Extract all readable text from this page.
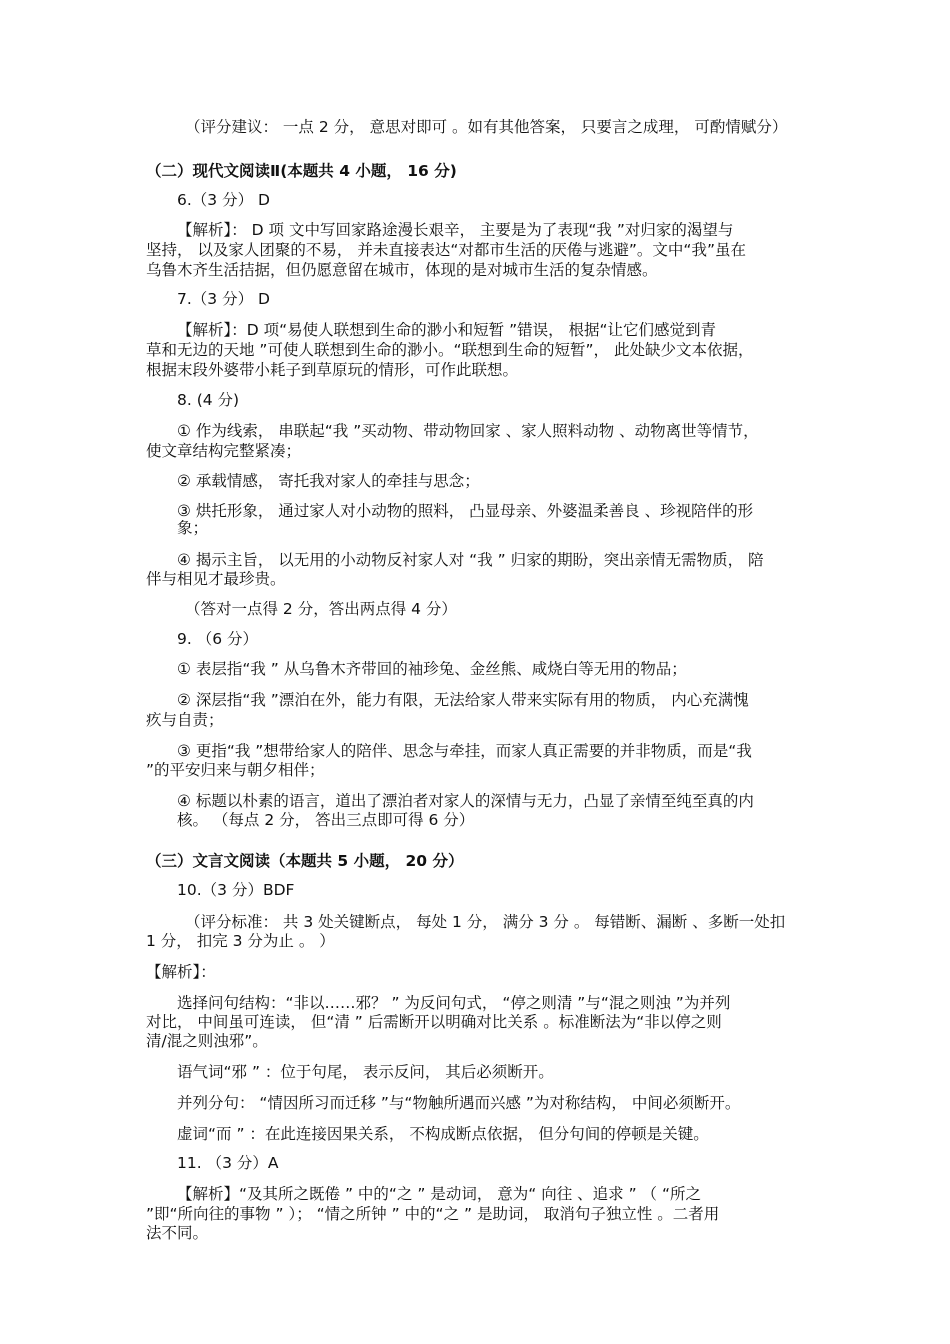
（评分建议： 一点 2 分， 意思对即可 。如有其他答案， 只要言之成理， 可酌情赋分）
（二）现代文阅读Ⅱ(本题共 4 小题， 16 分)
6.（3 分） D
【解析】： D 项 文中写回家路途漫长艰辛， 主要是为了表现“我 ”对归家的渴望与
坚持， 以及家人团聚的不易， 并未直接表达“对都市生活的厌倦与逃避”。文中“我”虽在
乌鲁木齐生活拮据，但仍愿意留在城市，体现的是对城市生活的复杂情感。
7.（3 分） D
【解析】：D 项“易使人联想到生命的渺小和短暂 ”错误， 根据“让它们感觉到青
草和无边的天地 ”可使人联想到生命的渺小。“联想到生命的短暂”， 此处缺少文本依据，
根据末段外婆带小耗子到草原玩的情形，可作此联想。
8. (4 分)
① 作为线索， 串联起“我 ”买动物、带动物回家 、家人照料动物 、动物离世等情节，
使文章结构完整紧凑；
② 承载情感， 寄托我对家人的牵挂与思念；
③ 烘托形象， 通过家人对小动物的照料， 凸显母亲、外婆温柔善良 、珍视陪伴的形
象；
④ 揭示主旨， 以无用的小动物反衬家人对 “我 ” 归家的期盼，突出亲情无需物质， 陪
伴与相见才最珍贵。
（答对一点得 2 分，答出两点得 4 分）
9. （6 分）
① 表层指“我 ” 从乌鲁木齐带回的袖珍兔、金丝熊、咸烧白等无用的物品；
② 深层指“我 ”漂泊在外，能力有限，无法给家人带来实际有用的物质， 内心充满愧
疚与自责；
③ 更指“我 ”想带给家人的陪伴、思念与牵挂，而家人真正需要的并非物质，而是“我
”的平安归来与朝夕相伴；
④ 标题以朴素的语言，道出了漂泊者对家人的深情与无力，凸显了亲情至纯至真的内
核。 （每点 2 分， 答出三点即可得 6 分）
（三）文言文阅读（本题共 5 小题， 20 分）
10.（3 分）BDF
（评分标准： 共 3 处关键断点， 每处 1 分， 满分 3 分 。 每错断、漏断 、多断一处扣
1 分， 扣完 3 分为止 。 ）
【解析】：
选择问句结构：“非以……邪？ ” 为反问句式， “停之则清 ”与“混之则浊 ”为并列
对比， 中间虽可连读， 但“清 ” 后需断开以明确对比关系 。标准断法为“非以停之则
清/混之则浊邪”。
语气词“邪 ” ：位于句尾， 表示反问， 其后必须断开。
并列分句： “情因所习而迁移 ”与“物触所遇而兴感 ”为对称结构， 中间必须断开。
虚词“而 ” ：在此连接因果关系， 不构成断点依据， 但分句间的停顿是关键。
11. （3 分）A
【解析】“及其所之既倦 ” 中的“之 ” 是动词， 意为“ 向往 、追求 ” （ “所之
”即“所向往的事物 ” ）； “情之所钟 ” 中的“之 ” 是助词， 取消句子独立性 。二者用
法不同。
